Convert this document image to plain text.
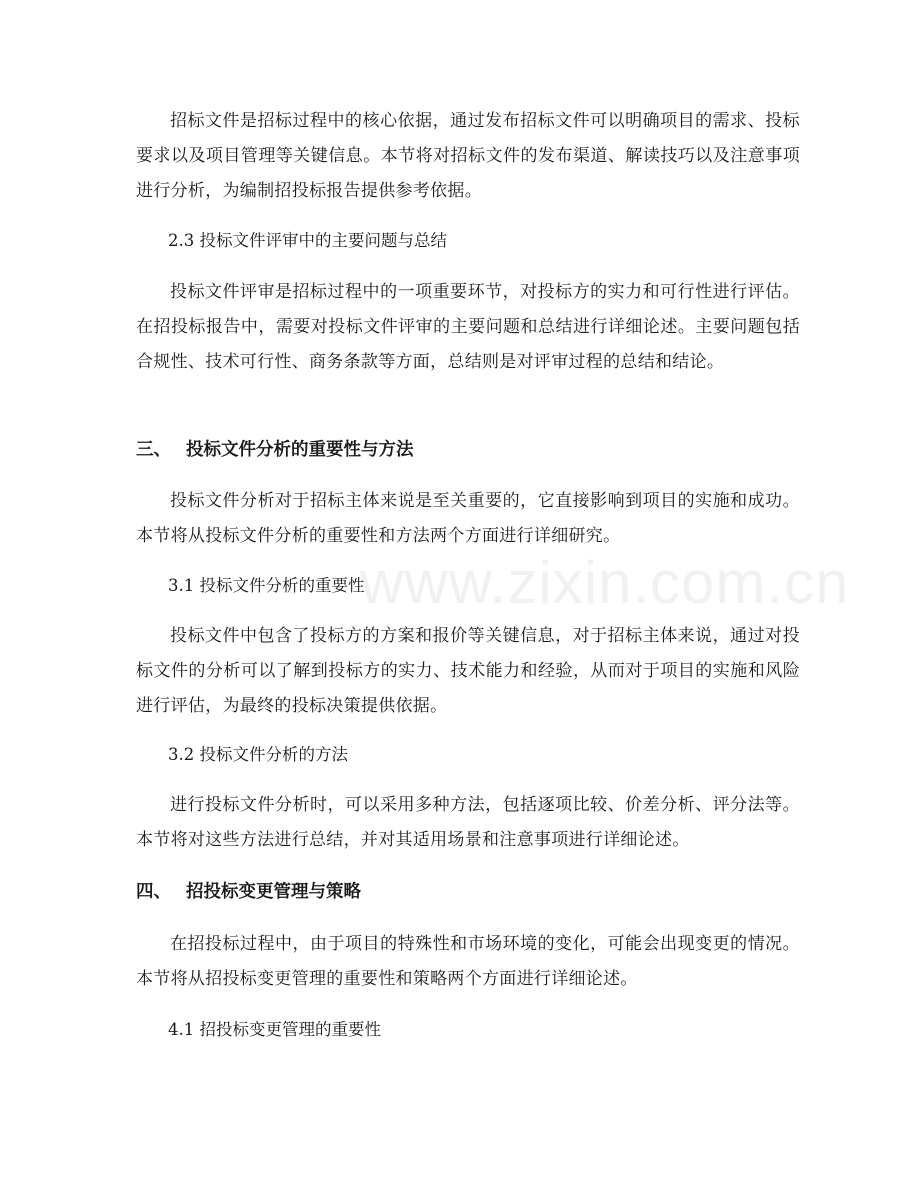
www.zixin.com.cn

招标文件是招标过程中的核心依据，通过发布招标文件可以明确项目的需求、投标要求以及项目管理等关键信息。本节将对招标文件的发布渠道、解读技巧以及注意事项进行分析，为编制招投标报告提供参考依据。

2.3 投标文件评审中的主要问题与总结

投标文件评审是招标过程中的一项重要环节，对投标方的实力和可行性进行评估。在招投标报告中，需要对投标文件评审的主要问题和总结进行详细论述。主要问题包括合规性、技术可行性、商务条款等方面，总结则是对评审过程的总结和结论。

三、 投标文件分析的重要性与方法

投标文件分析对于招标主体来说是至关重要的，它直接影响到项目的实施和成功。本节将从投标文件分析的重要性和方法两个方面进行详细研究。

3.1 投标文件分析的重要性

投标文件中包含了投标方的方案和报价等关键信息，对于招标主体来说，通过对投标文件的分析可以了解到投标方的实力、技术能力和经验，从而对于项目的实施和风险进行评估，为最终的投标决策提供依据。

3.2 投标文件分析的方法

进行投标文件分析时，可以采用多种方法，包括逐项比较、价差分析、评分法等。本节将对这些方法进行总结，并对其适用场景和注意事项进行详细论述。

四、 招投标变更管理与策略

在招投标过程中，由于项目的特殊性和市场环境的变化，可能会出现变更的情况。本节将从招投标变更管理的重要性和策略两个方面进行详细论述。

4.1 招投标变更管理的重要性
